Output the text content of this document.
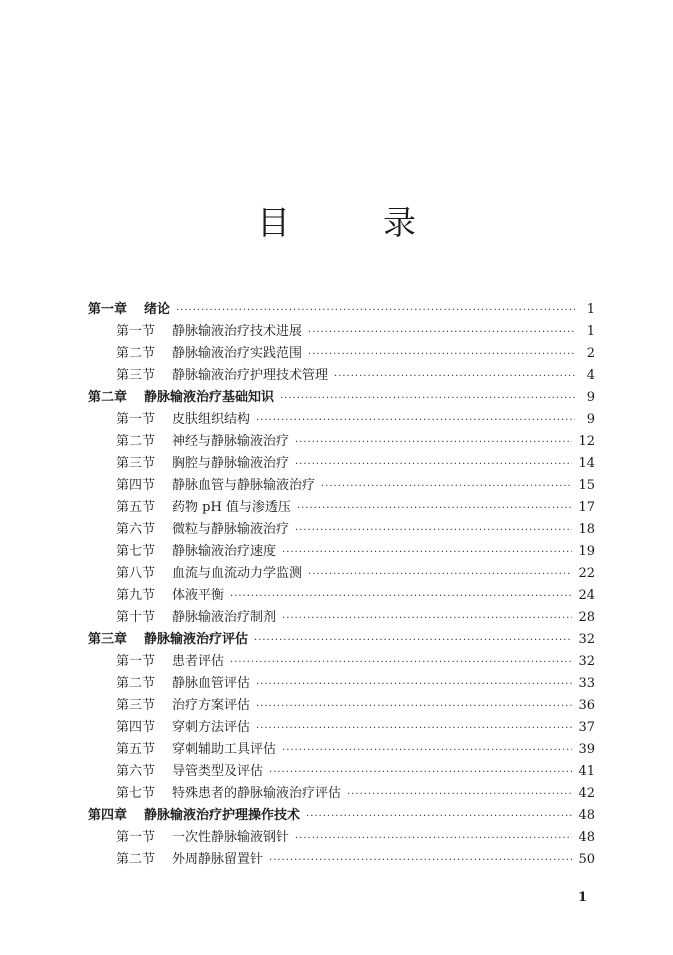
目　录
第一章	绪论 ·····	1
第一节	静脉输液治疗技术进展 ·····	1
第二节	静脉输液治疗实践范围 ·····	2
第三节	静脉输液治疗护理技术管理 ·····	4
第二章	静脉输液治疗基础知识 ·····	9
第一节	皮肤组织结构 ·····	9
第二节	神经与静脉输液治疗 ·····	12
第三节	胸腔与静脉输液治疗 ·····	14
第四节	静脉血管与静脉输液治疗 ·····	15
第五节	药物 pH 值与渗透压 ·····	17
第六节	微粒与静脉输液治疗 ·····	18
第七节	静脉输液治疗速度 ·····	19
第八节	血流与血流动力学监测 ·····	22
第九节	体液平衡 ·····	24
第十节	静脉输液治疗制剂 ·····	28
第三章	静脉输液治疗评估 ·····	32
第一节	患者评估 ·····	32
第二节	静脉血管评估 ·····	33
第三节	治疗方案评估 ·····	36
第四节	穿刺方法评估 ·····	37
第五节	穿刺辅助工具评估 ·····	39
第六节	导管类型及评估 ·····	41
第七节	特殊患者的静脉输液治疗评估 ·····	42
第四章	静脉输液治疗护理操作技术 ·····	48
第一节	一次性静脉输液钢针 ·····	48
第二节	外周静脉留置针 ·····	50
1
